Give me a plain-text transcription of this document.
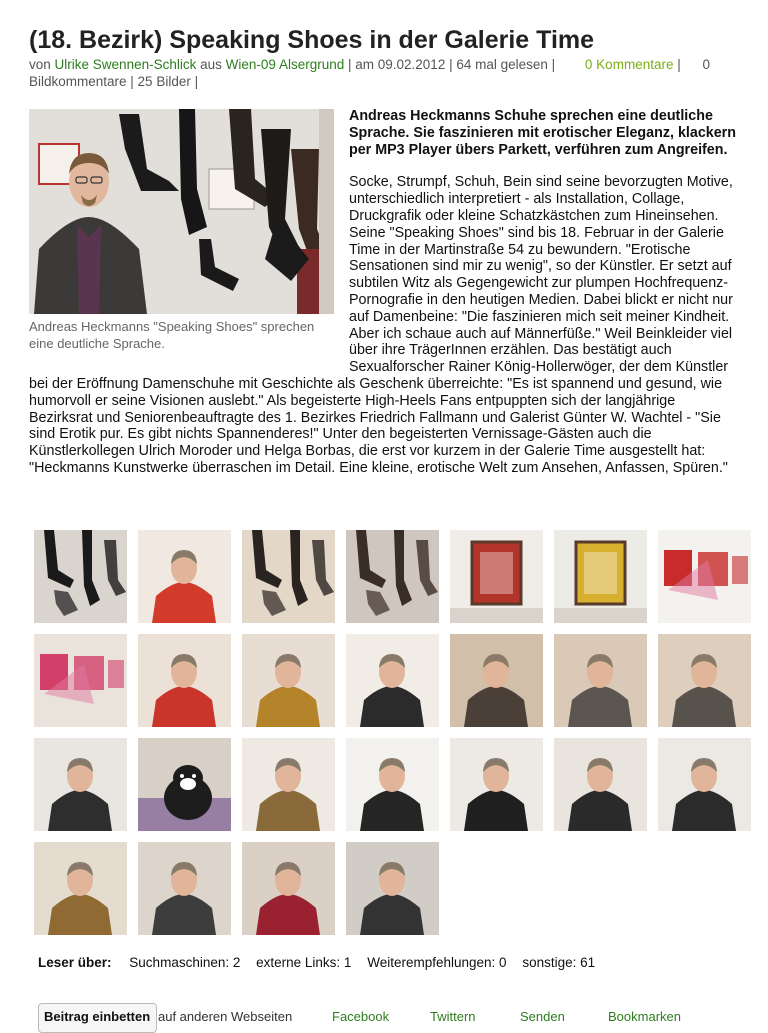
(18. Bezirk) Speaking Shoes in der Galerie Time
von Ulrike Swennen-Schlick aus Wien-09 Alsergrund | am 09.02.2012 | 64 mal gelesen | 0 Kommentare | 0 Bildkommentare | 25 Bilder |
Andreas Heckmanns "Speaking Shoes" sprechen eine deutliche Sprache.

Andreas Heckmanns Schuhe sprechen eine deutliche Sprache. Sie faszinieren mit erotischer Eleganz, klackern per MP3 Player übers Parkett, verführen zum Angreifen.

Socke, Strumpf, Schuh, Bein sind seine bevorzugten Motive, unterschiedlich interpretiert - als Installation, Collage, Druckgrafik oder kleine Schatzkästchen zum Hineinsehen. Seine "Speaking Shoes" sind bis 18. Februar in der Galerie Time in der Martinstraße 54 zu bewundern. "Erotische Sensationen sind mir zu wenig", so der Künstler. Er setzt auf subtilen Witz als Gegengewicht zur plumpen Hochfrequenz-Pornografie in den heutigen Medien. Dabei blickt er nicht nur auf Damenbeine: "Die faszinieren mich seit meiner Kindheit. Aber ich schaue auch auf Männerfüße." Weil Beinkleider viel über ihre TrägerInnen erzählen. Das bestätigt auch Sexualforscher Rainer König-Hollerwöger, der dem Künstler bei der Eröffnung Damenschuhe mit Geschichte als Geschenk überreichte: "Es ist spannend und gesund, wie humorvoll er seine Visionen auslebt." Als begeisterte High-Heels Fans entpuppten sich der langjährige Bezirksrat und Seniorenbeauftragte des 1. Bezirkes Friedrich Fallmann und Galerist Günter W. Wachtel - "Sie sind Erotik pur. Es gibt nichts Spannenderes!" Unter den begeisterten Vernissage-Gästen auch die Künstlerkollegen Ulrich Moroder und Helga Borbas, die erst vor kurzem in der Galerie Time ausgestellt hat: "Heckmanns Kunstwerke überraschen im Detail. Eine kleine, erotische Welt zum Ansehen, Anfassen, Spüren."

Leser über: Suchmaschinen: 2 externe Links: 1 Weiterempfehlungen: 0 sonstige: 61
Beitrag einbetten auf anderen Webseiten	Facebook	Twittern	Senden	Bookmarken
